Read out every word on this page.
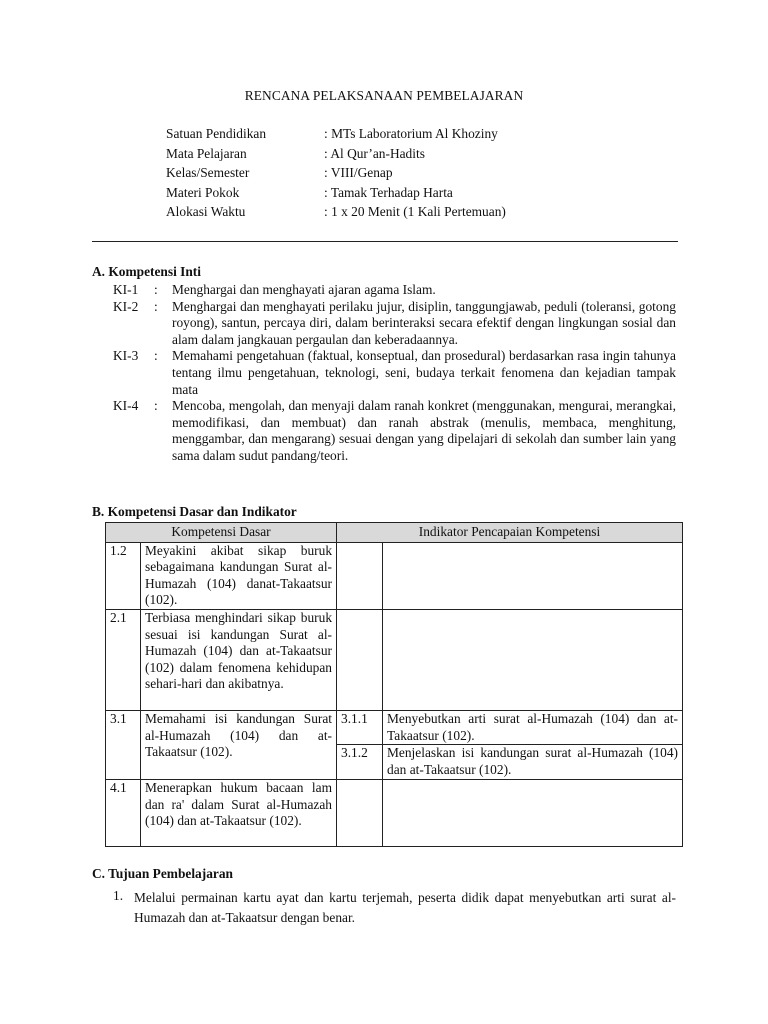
RENCANA PELAKSANAAN PEMBELAJARAN
Satuan Pendidikan	: MTs Laboratorium Al Khoziny
Mata Pelajaran	: Al Qur’an-Hadits
Kelas/Semester	: VIII/Genap
Materi Pokok	: Tamak Terhadap Harta
Alokasi Waktu	: 1 x 20 Menit (1 Kali Pertemuan)
A. Kompetensi Inti
KI-1	:	Menghargai dan menghayati ajaran agama Islam.
KI-2	:	Menghargai dan menghayati perilaku jujur, disiplin, tanggungjawab, peduli (toleransi, gotong royong), santun, percaya diri, dalam berinteraksi secara efektif dengan lingkungan sosial dan alam dalam jangkauan pergaulan dan keberadaannya.
KI-3	:	Memahami pengetahuan (faktual, konseptual, dan prosedural) berdasarkan rasa ingin tahunya tentang ilmu pengetahuan, teknologi, seni, budaya terkait fenomena dan kejadian tampak mata
KI-4	:	Mencoba, mengolah, dan menyaji dalam ranah konkret (menggunakan, mengurai, merangkai, memodifikasi, dan membuat) dan ranah abstrak (menulis, membaca, menghitung, menggambar, dan mengarang) sesuai dengan yang dipelajari di sekolah dan sumber lain yang sama dalam sudut pandang/teori.
B. Kompetensi Dasar dan Indikator
Kompetensi Dasar		Indikator Pencapaian Kompetensi	
1.2	Meyakini akibat sikap buruk sebagaimana kandungan Surat al-Humazah (104) danat-Takaatsur (102).		
2.1	Terbiasa menghindari sikap buruk sesuai isi kandungan Surat al-Humazah (104) dan at-Takaatsur (102) dalam fenomena kehidupan sehari-hari dan akibatnya.		
3.1	Memahami isi kandungan Surat al-Humazah (104) dan at-Takaatsur (102).	3.1.1	Menyebutkan arti surat al-Humazah (104) dan at-Takaatsur (102).
		3.1.2	Menjelaskan isi kandungan surat al-Humazah (104) dan at-Takaatsur (102).
4.1	Menerapkan hukum bacaan lam dan ra' dalam Surat al-Humazah (104) dan at-Takaatsur (102).		
C. Tujuan Pembelajaran
1. Melalui permainan kartu ayat dan kartu terjemah, peserta didik dapat menyebutkan arti surat al-Humazah dan at-Takaatsur dengan benar.
